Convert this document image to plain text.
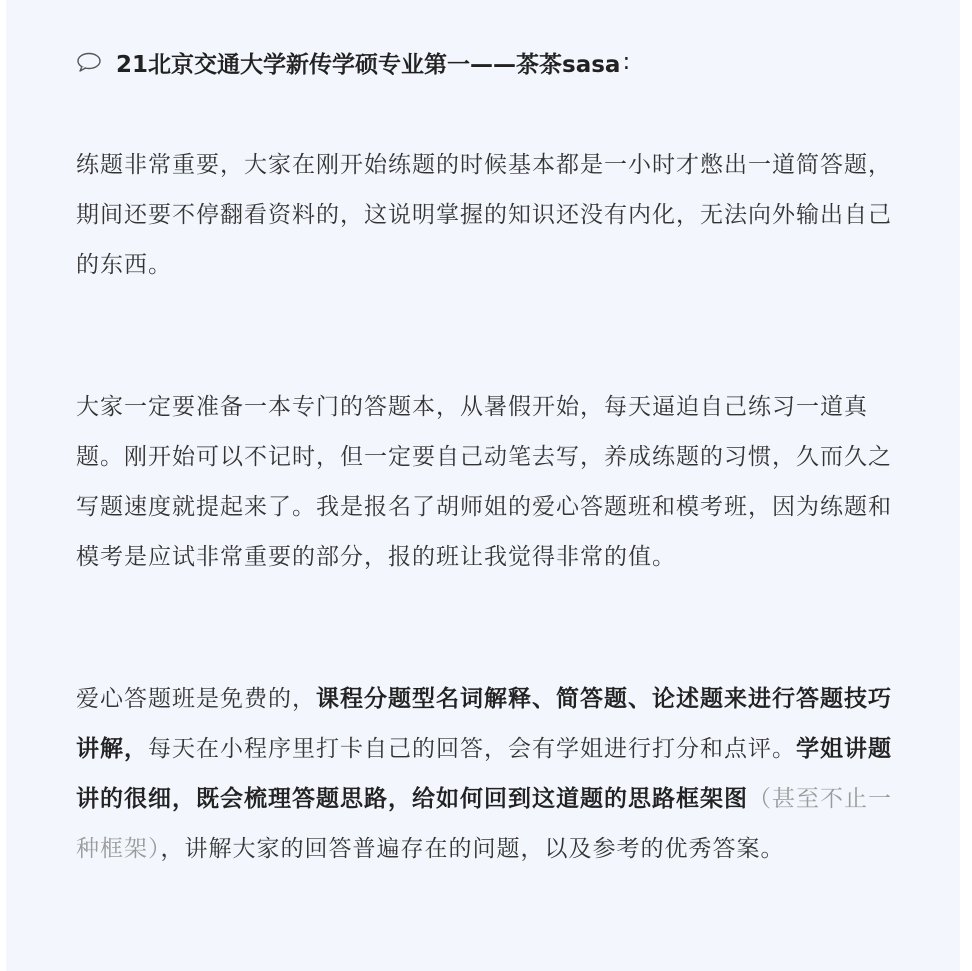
21北京交通大学新传学硕专业第一——茶茶sasa :

练题非常重要，大家在刚开始练题的时候基本都是一小时才憋出一道简答题，期间还要不停翻看资料的，这说明掌握的知识还没有内化，无法向外输出自己的东西。

大家一定要准备一本专门的答题本，从暑假开始，每天逼迫自己练习一道真题。刚开始可以不记时，但一定要自己动笔去写，养成练题的习惯，久而久之写题速度就提起来了。我是报名了胡师姐的爱心答题班和模考班，因为练题和模考是应试非常重要的部分，报的班让我觉得非常的值。

爱心答题班是免费的，课程分题型名词解释、简答题、论述题来进行答题技巧讲解，每天在小程序里打卡自己的回答，会有学姐进行打分和点评。学姐讲题讲的很细，既会梳理答题思路，给如何回到这道题的思路框架图（甚至不止一种框架），讲解大家的回答普遍存在的问题，以及参考的优秀答案。
